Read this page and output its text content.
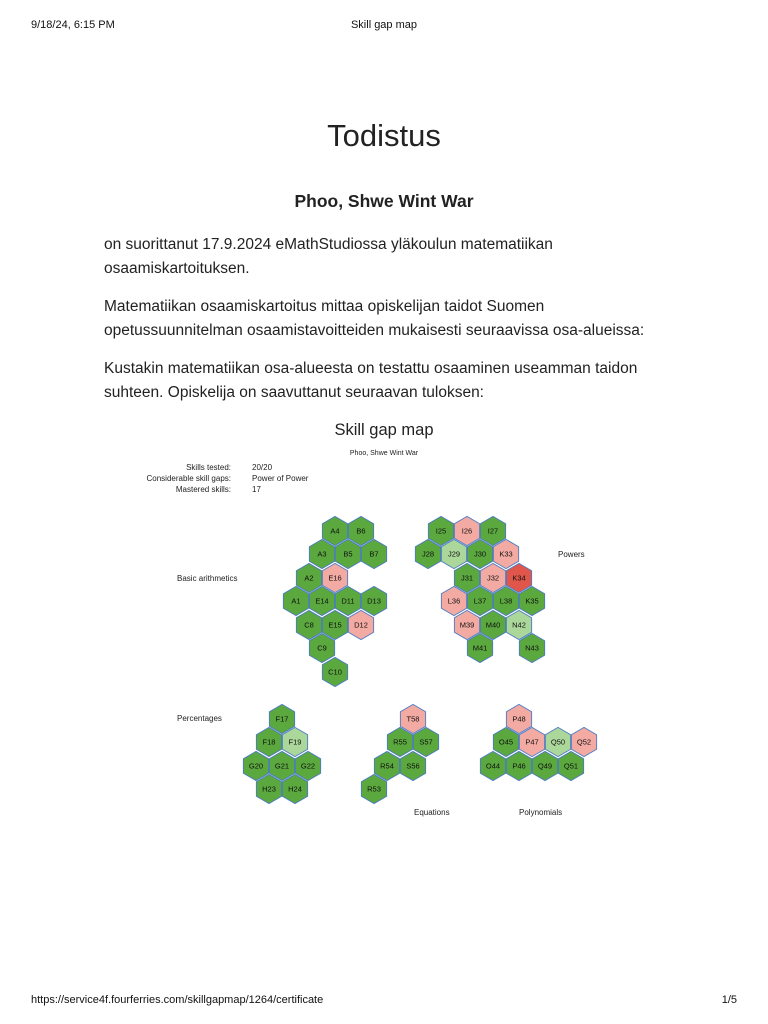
9/18/24, 6:15 PM	Skill gap map
Todistus
Phoo, Shwe Wint War
on suorittanut 17.9.2024 eMathStudiossa yläkoulun matematiikan osaamiskartoituksen.
Matematiikan osaamiskartoitus mittaa opiskelijan taidot Suomen opetussuunnitelman osaamistavoitteiden mukaisesti seuraavissa osa-alueissa:
Kustakin matematiikan osa-alueesta on testattu osaaminen useamman taidon suhteen. Opiskelija on saavuttanut seuraavan tuloksen:
Skill gap map
Phoo, Shwe Wint War
Skills tested:	20/20
Considerable skill gaps:	Power of Power
Mastered skills:	17
A4 B6
A3 B5 B7
A2 E16
A1 E14 D11 D13
C8 E15 D12
C9
C10
I25 I26 I27
J28 J29 J30 K33
J31 J32 K34
L36 L37 L38 K35
M39 M40 N42
M41	N43
F17
F18 F19
G20 G21 G22
H23 H24
T58
R55 S57
R54 S56
R53
P48
O45 P47 Q50 Q52
O44 P46 Q49 Q51
Basic arithmetics
Powers
Percentages
Equations	Polynomials
https://service4f.fourferries.com/skillgapmap/1264/certificate	1/5
